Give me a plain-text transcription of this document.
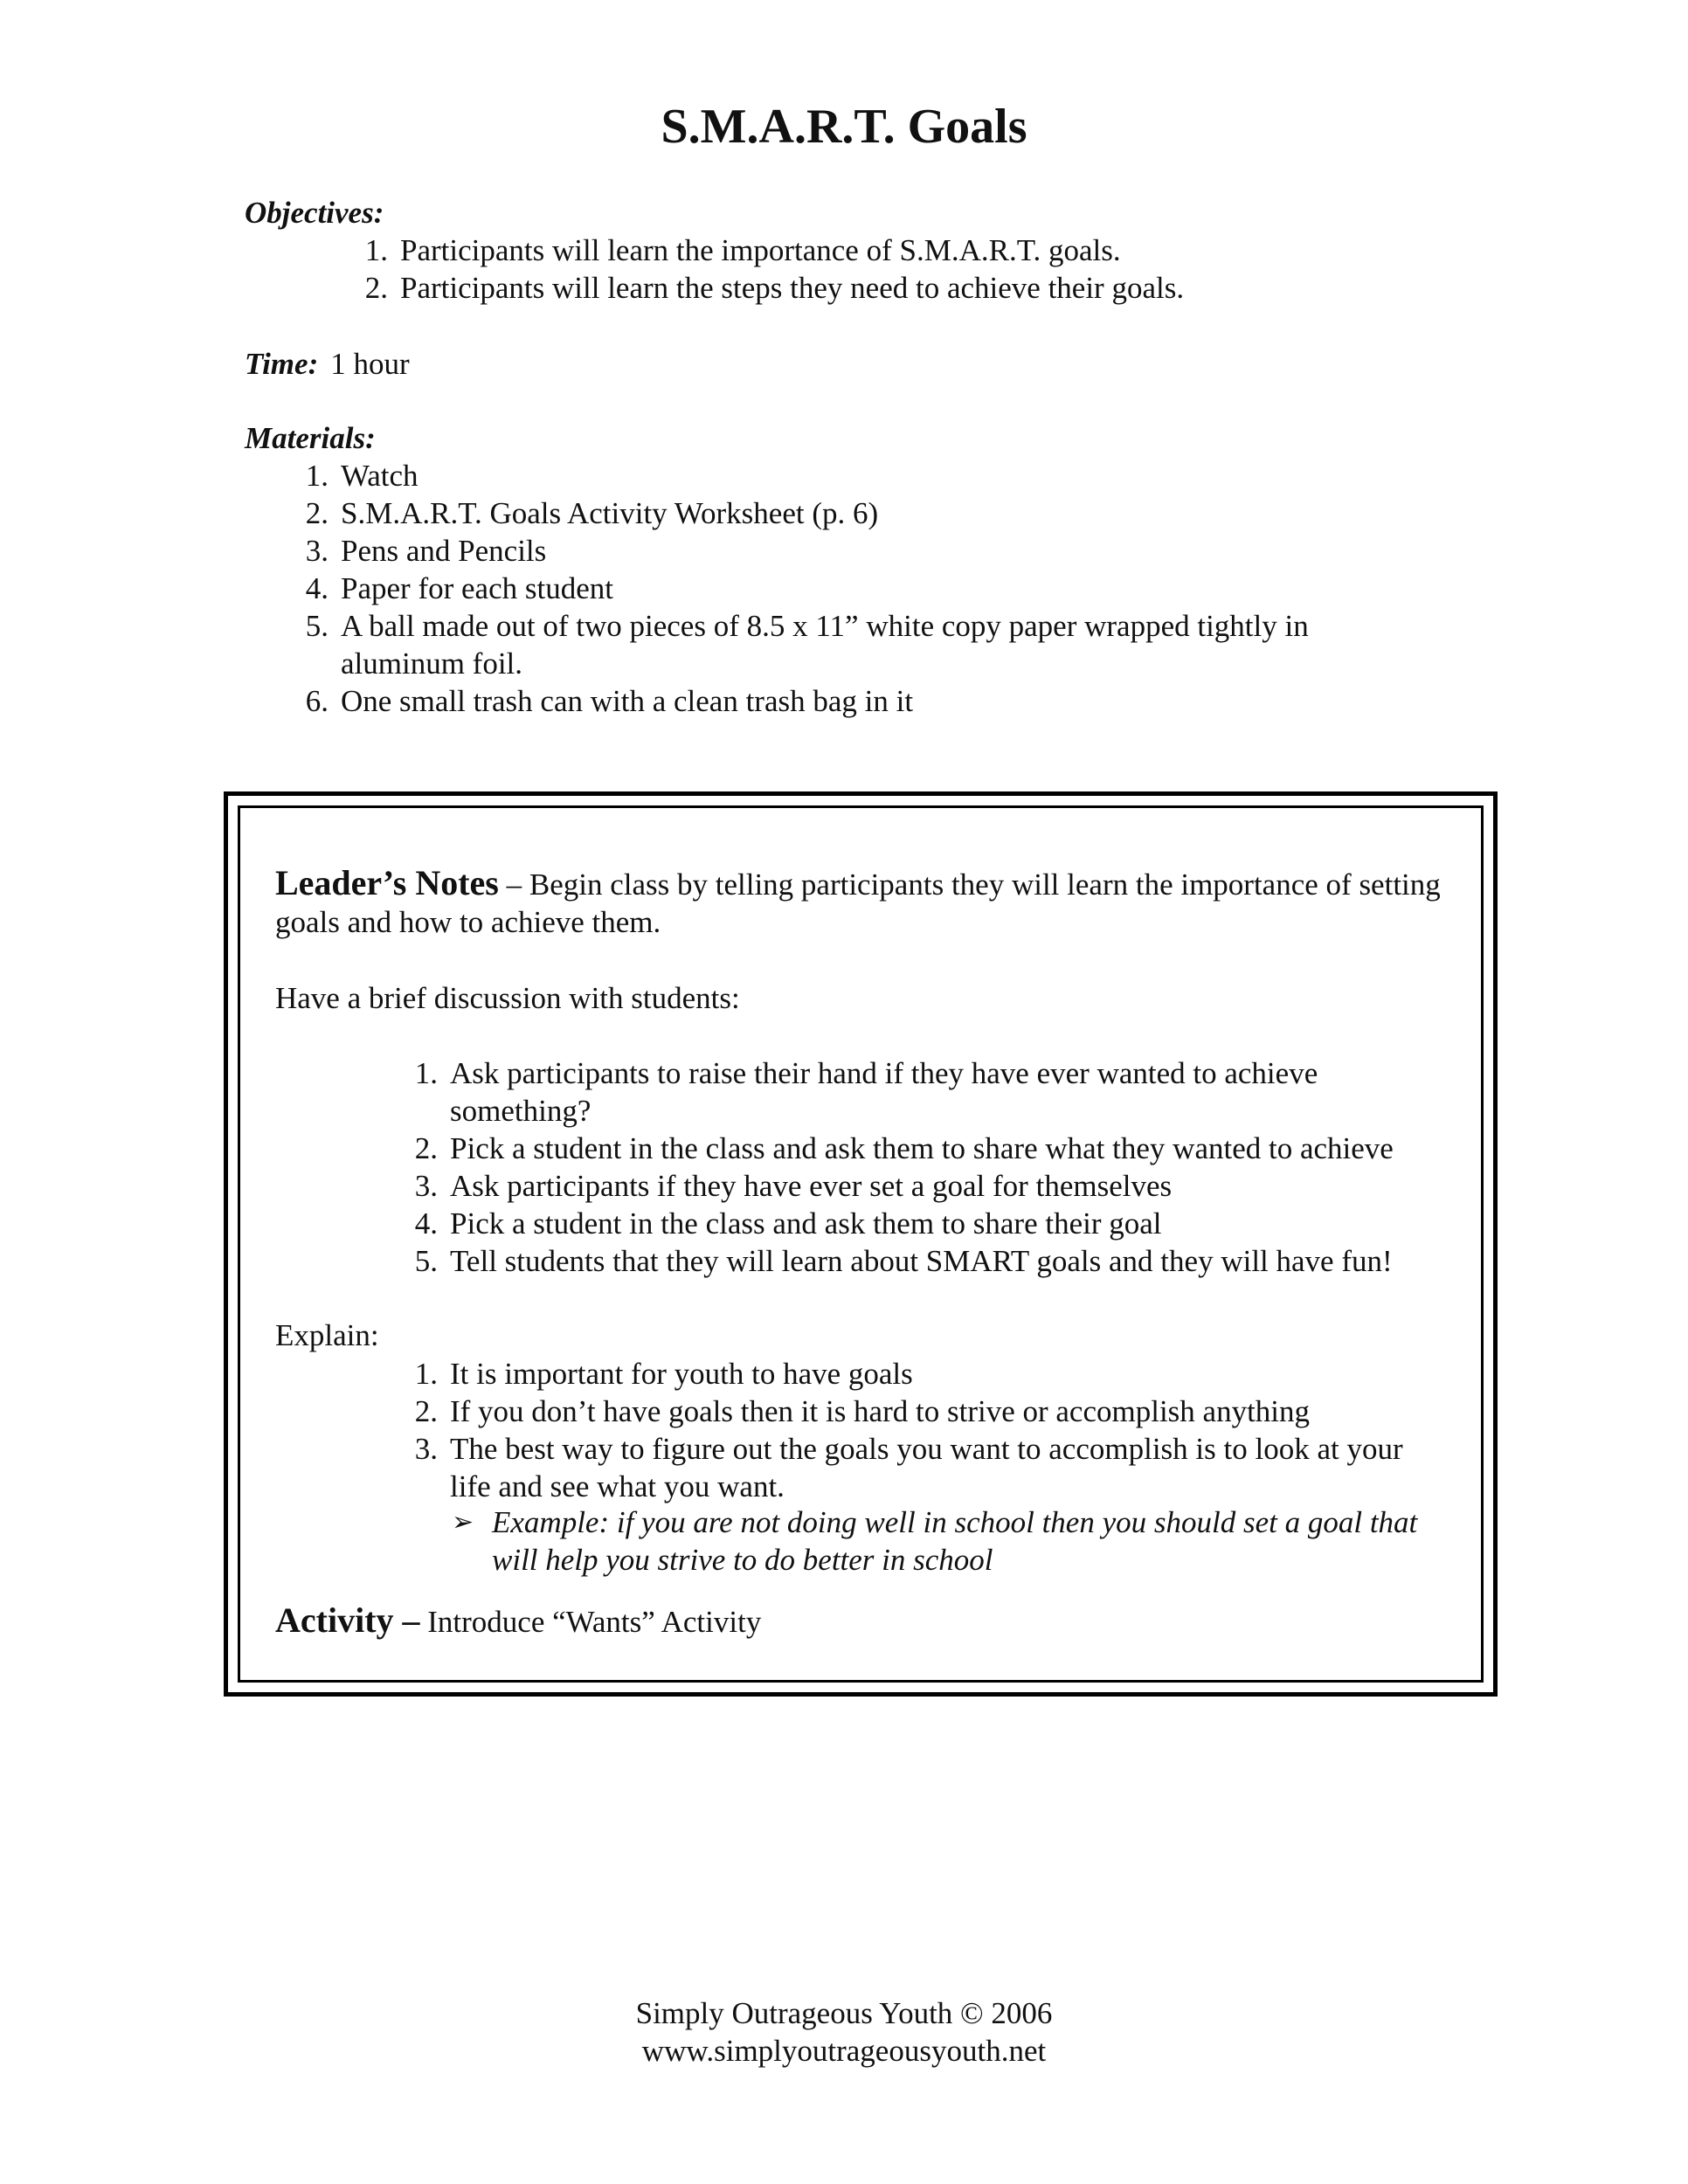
S.M.A.R.T. Goals
Objectives:
1. Participants will learn the importance of S.M.A.R.T. goals.
2. Participants will learn the steps they need to achieve their goals.
Time: 1 hour
Materials:
1. Watch
2. S.M.A.R.T. Goals Activity Worksheet (p. 6)
3. Pens and Pencils
4. Paper for each student
5. A ball made out of two pieces of 8.5 x 11” white copy paper wrapped tightly in aluminum foil.
6. One small trash can with a clean trash bag in it
Leader’s Notes – Begin class by telling participants they will learn the importance of setting goals and how to achieve them.
Have a brief discussion with students:
1. Ask participants to raise their hand if they have ever wanted to achieve something?
2. Pick a student in the class and ask them to share what they wanted to achieve
3. Ask participants if they have ever set a goal for themselves
4. Pick a student in the class and ask them to share their goal
5. Tell students that they will learn about SMART goals and they will have fun!
Explain:
1. It is important for youth to have goals
2. If you don’t have goals then it is hard to strive or accomplish anything
3. The best way to figure out the goals you want to accomplish is to look at your life and see what you want.
➢ Example: if you are not doing well in school then you should set a goal that will help you strive to do better in school
Activity – Introduce “Wants” Activity
Simply Outrageous Youth © 2006
www.simplyoutrageousyouth.net
